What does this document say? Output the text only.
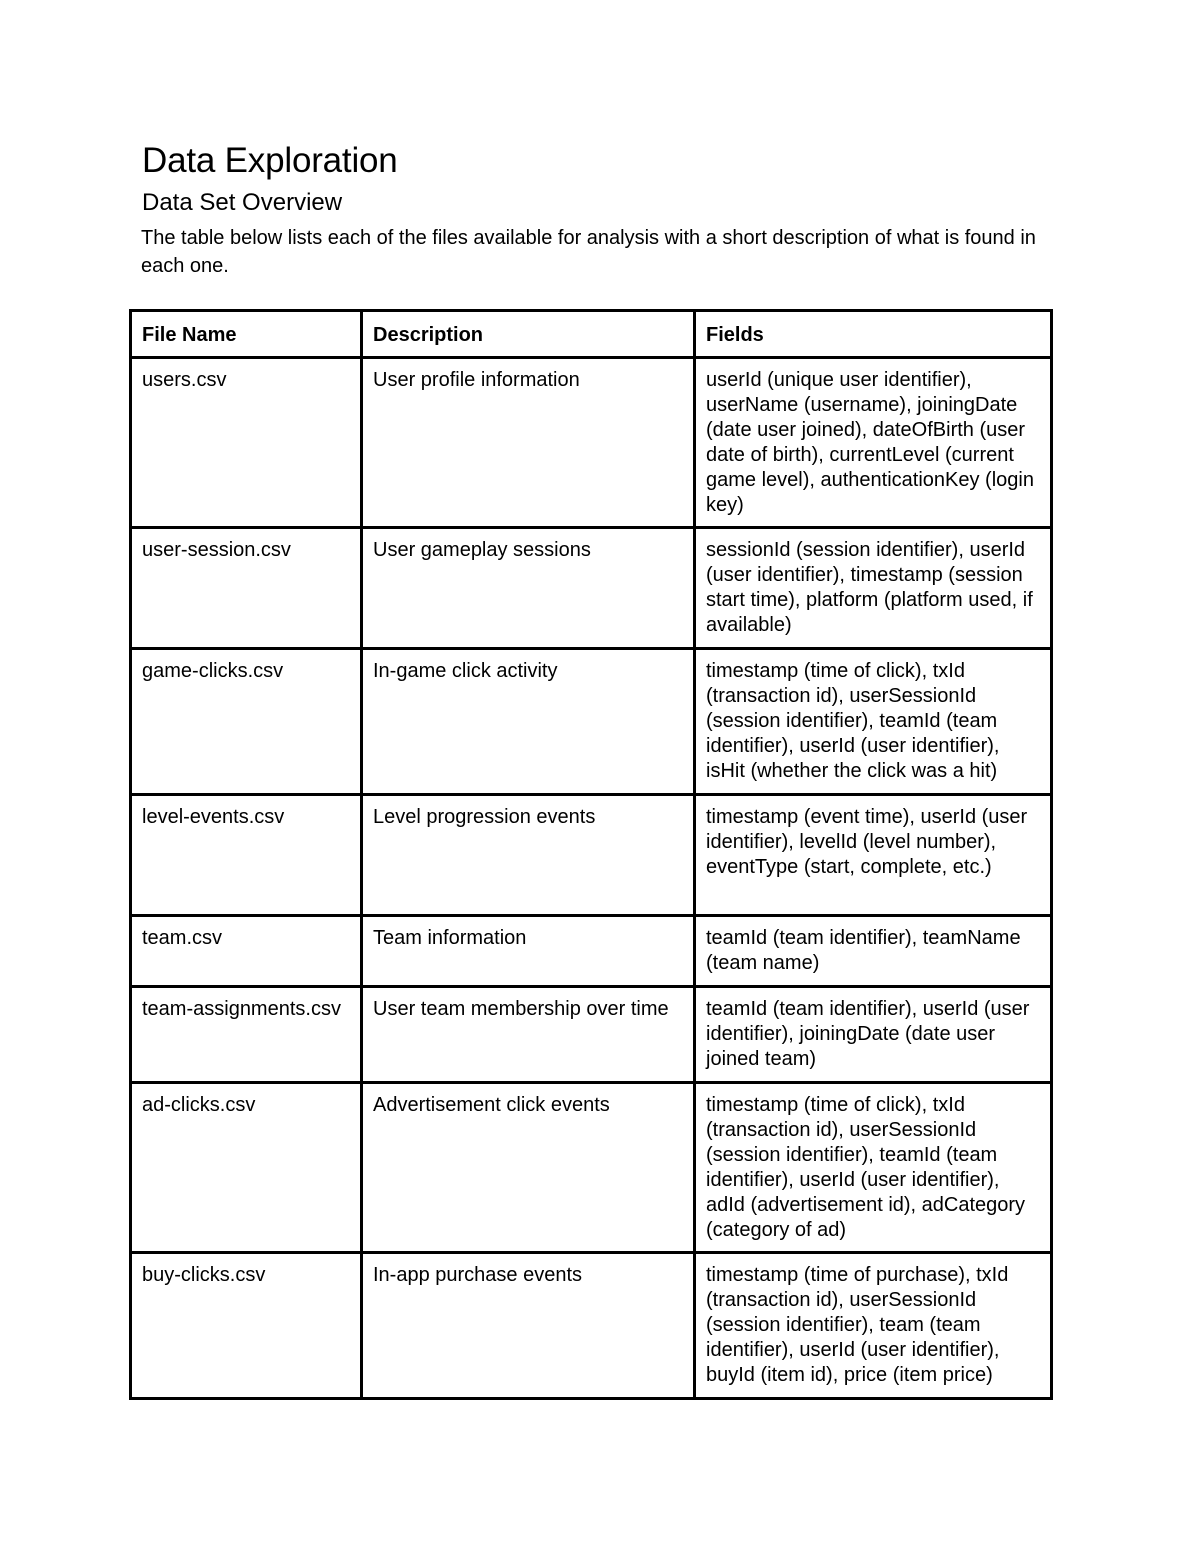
Data Exploration
Data Set Overview

The table below lists each of the files available for analysis with a short description of what is found in each one.

File Name	Description	Fields
users.csv	User profile information	userId (unique user identifier), userName (username), joiningDate (date user joined), dateOfBirth (user date of birth), currentLevel (current game level), authenticationKey (login key)
user-session.csv	User gameplay sessions	sessionId (session identifier), userId (user identifier), timestamp (session start time), platform (platform used, if available)
game-clicks.csv	In-game click activity	timestamp (time of click), txId (transaction id), userSessionId (session identifier), teamId (team identifier), userId (user identifier), isHit (whether the click was a hit)
level-events.csv	Level progression events	timestamp (event time), userId (user identifier), levelId (level number), eventType (start, complete, etc.)
team.csv	Team information	teamId (team identifier), teamName (team name)
team-assignments.csv	User team membership over time	teamId (team identifier), userId (user identifier), joiningDate (date user joined team)
ad-clicks.csv	Advertisement click events	timestamp (time of click), txId (transaction id), userSessionId (session identifier), teamId (team identifier), userId (user identifier), adId (advertisement id), adCategory (category of ad)
buy-clicks.csv	In-app purchase events	timestamp (time of purchase), txId (transaction id), userSessionId (session identifier), team (team identifier), userId (user identifier), buyId (item id), price (item price)
